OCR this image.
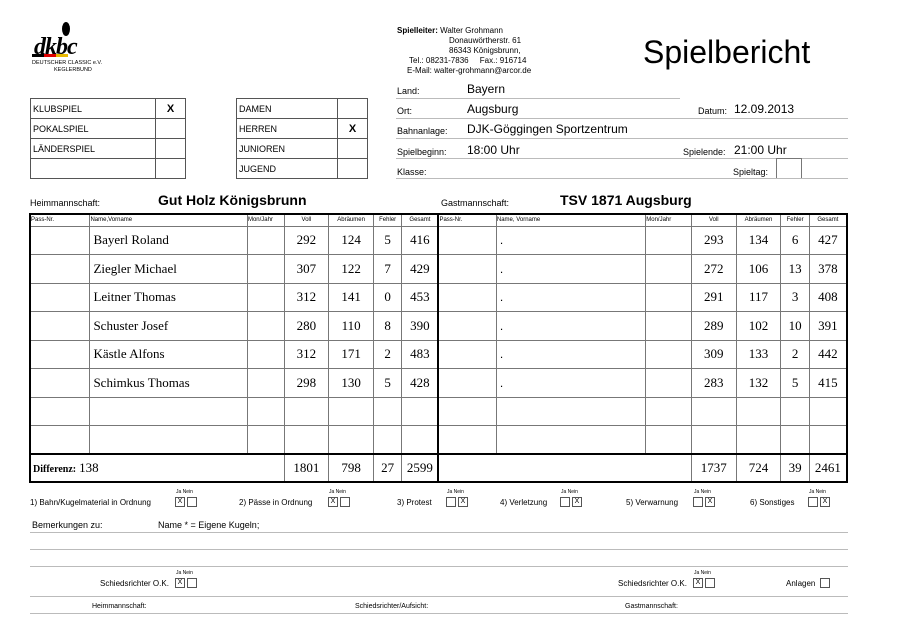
dkbc
DEUTSCHER CLASSIC e.V.
KEGLERBUND
Spielleiter: Walter Grohmann
Donauwörtherstr. 61
86343 Königsbrunn,
Tel.: 08231-7836 Fax.: 916714
E-Mail: walter-grohmann@arcor.de
Spielbericht
KLUBSPIEL	X
POKALSPIEL	
LÄNDERSPIEL	

DAMEN	
HERREN	X
JUNIOREN	
JUGEND	
Land:	Bayern
Ort:	Augsburg	Datum: 12.09.2013
Bahnanlage: DJK-Göggingen Sportzentrum
Spielbeginn: 18:00 Uhr	Spielende: 21:00 Uhr
Klasse:	Spieltag:
Heimmannschaft:	Gut Holz Königsbrunn	Gastmannschaft:	TSV 1871 Augsburg
Pass-Nr.	Name,Vorname	Mon/Jahr	Voll	Abräumen	Fehler	Gesamt	Pass-Nr.	Name, Vorname	Mon/Jahr	Voll	Abräumen	Fehler	Gesamt
	Bayerl Roland		292	124	5	416		.		293	134	6	427
	Ziegler Michael		307	122	7	429		.		272	106	13	378
	Leitner Thomas		312	141	0	453		.		291	117	3	408
	Schuster Josef		280	110	8	390		.		289	102	10	391
	Kästle Alfons		312	171	2	483		.		309	133	2	442
	Schimkus Thomas		298	130	5	428		.		283	132	5	415

Differenz: 138			1801	798	27	2599				1737	724	39	2461
Ja Nein
1) Bahn/Kugelmaterial in Ordnung	X
Ja Nein
2) Pässe in Ordnung	X
Ja Nein
3) Protest	X
Ja Nein
4) Verletzung	X
Ja Nein
5) Verwarnung	X
Ja Nein
6) Sonstiges	X
Bemerkungen zu:	Name * = Eigene Kugeln;
Ja Nein
Schiedsrichter O.K.	X
Ja Nein
Schiedsrichter O.K.	X	Anlagen
Heimmannschaft:	Schiedsrichter/Aufsicht:	Gastmannschaft:
